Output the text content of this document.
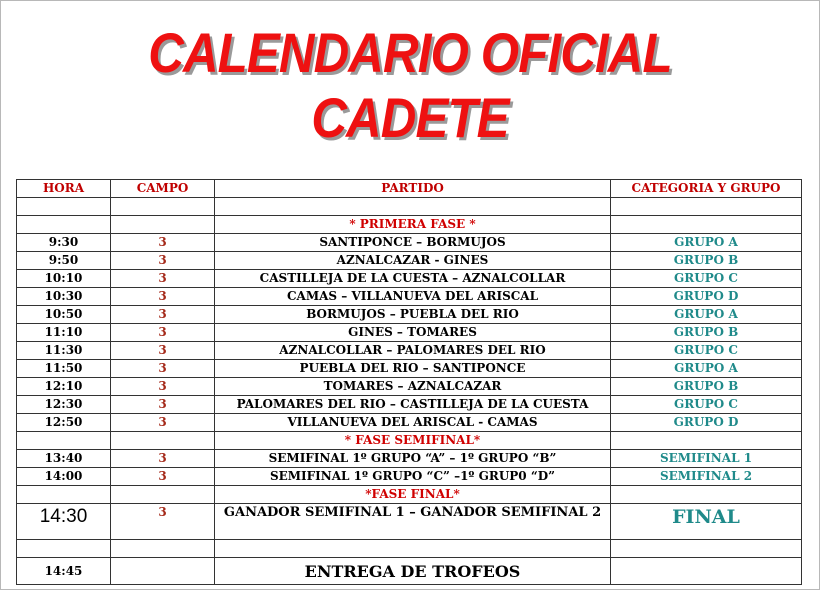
CALENDARIO OFICIAL CADETE
HORA	CAMPO	PARTIDO	CATEGORIA Y GRUPO

		* PRIMERA FASE *	
9:30	3	SANTIPONCE – BORMUJOS	GRUPO A
9:50	3	AZNALCAZAR - GINES	GRUPO B
10:10	3	CASTILLEJA DE LA CUESTA – AZNALCOLLAR	GRUPO C
10:30	3	CAMAS – VILLANUEVA DEL ARISCAL	GRUPO D
10:50	3	BORMUJOS – PUEBLA DEL RIO	GRUPO A
11:10	3	GINES – TOMARES	GRUPO B
11:30	3	AZNALCOLLAR – PALOMARES DEL RIO	GRUPO C
11:50	3	PUEBLA DEL RIO – SANTIPONCE	GRUPO A
12:10	3	TOMARES – AZNALCAZAR	GRUPO B
12:30	3	PALOMARES DEL RIO – CASTILLEJA DE LA CUESTA	GRUPO C
12:50	3	VILLANUEVA DEL ARISCAL - CAMAS	GRUPO D
		* FASE SEMIFINAL*	
13:40	3	SEMIFINAL 1º GRUPO “A” – 1º GRUPO “B”	SEMIFINAL 1
14:00	3	SEMIFINAL 1º GRUPO “C” –1º GRUP0 “D”	SEMIFINAL 2
		*FASE FINAL*	
14:30	3	GANADOR SEMIFINAL 1 – GANADOR SEMIFINAL 2	FINAL

14:45		ENTREGA DE TROFEOS	
